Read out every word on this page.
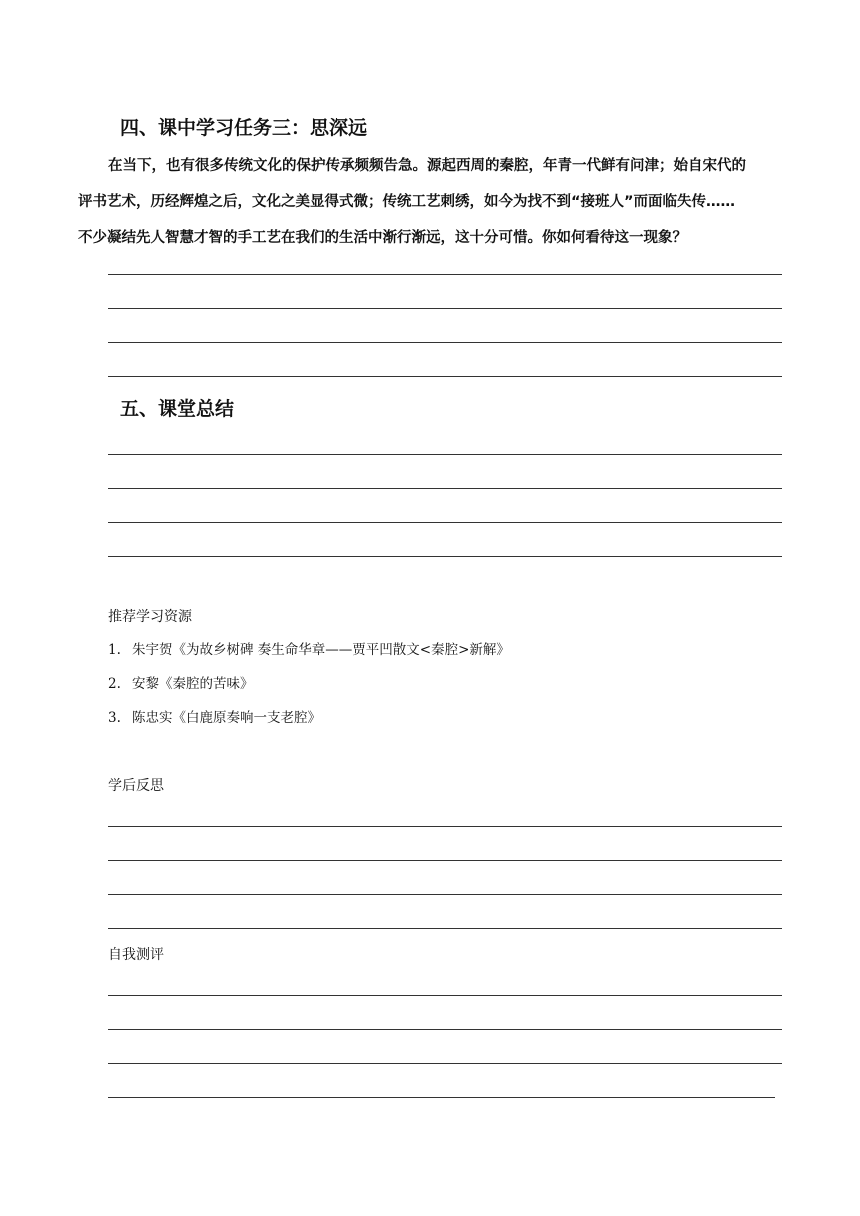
四、课中学习任务三：思深远
在当下，也有很多传统文化的保护传承频频告急。源起西周的秦腔，年青一代鲜有问津；始自宋代的
评书艺术，历经辉煌之后，文化之美显得式微；传统工艺刺绣，如今为找不到“接班人”而面临失传……
不少凝结先人智慧才智的手工艺在我们的生活中渐行渐远，这十分可惜。你如何看待这一现象？
五、课堂总结

推荐学习资源

1. 朱宇贺《为故乡树碑 奏生命华章——贾平凹散文<秦腔>新解》
2. 安黎《秦腔的苦味》
3. 陈忠实《白鹿原奏响一支老腔》

学后反思

自我测评
